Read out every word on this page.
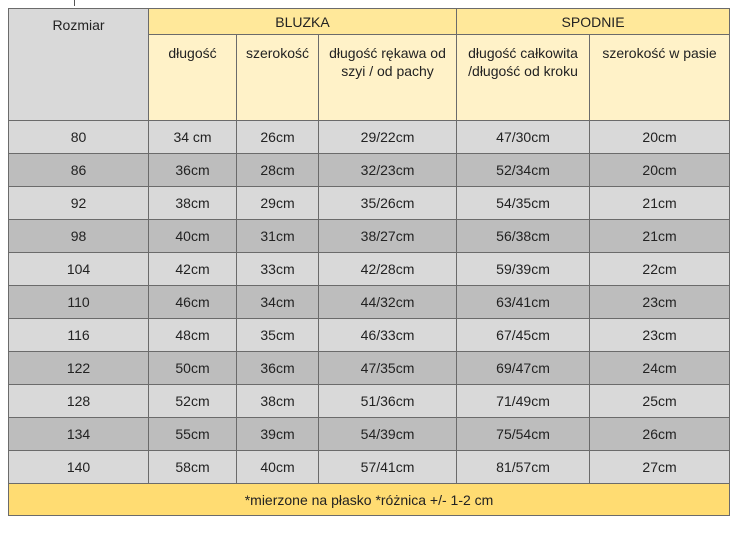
Rozmiar	BLUZKA			SPODNIE	
	długość	szerokość	długość rękawa od szyi / od pachy	długość całkowita /długość od kroku	szerokość w pasie
80	34 cm	26cm	29/22cm	47/30cm	20cm
86	36cm	28cm	32/23cm	52/34cm	20cm
92	38cm	29cm	35/26cm	54/35cm	21cm
98	40cm	31cm	38/27cm	56/38cm	21cm
104	42cm	33cm	42/28cm	59/39cm	22cm
110	46cm	34cm	44/32cm	63/41cm	23cm
116	48cm	35cm	46/33cm	67/45cm	23cm
122	50cm	36cm	47/35cm	69/47cm	24cm
128	52cm	38cm	51/36cm	71/49cm	25cm
134	55cm	39cm	54/39cm	75/54cm	26cm
140	58cm	40cm	57/41cm	81/57cm	27cm
*mierzone na płasko *różnica +/- 1-2 cm					
